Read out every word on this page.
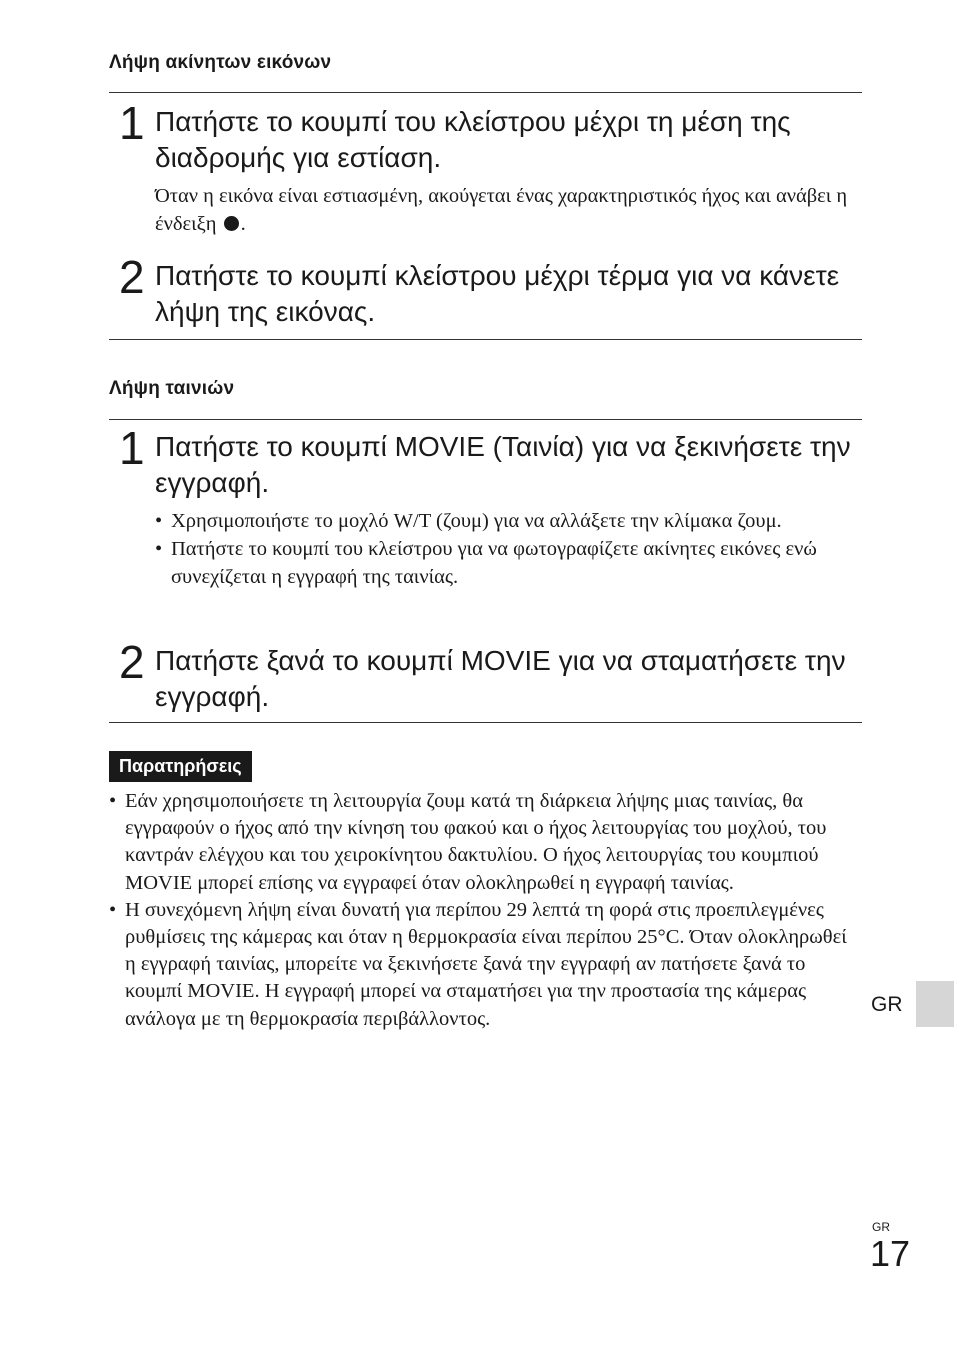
Λήψη ακίνητων εικόνων
1 Πατήστε το κουμπί του κλείστρου μέχρι τη μέση της διαδρομής για εστίαση.
Όταν η εικόνα είναι εστιασμένη, ακούγεται ένας χαρακτηριστικός ήχος και ανάβει η ένδειξη .
2 Πατήστε το κουμπί κλείστρου μέχρι τέρμα για να κάνετε λήψη της εικόνας.
Λήψη ταινιών
1 Πατήστε το κουμπί MOVIE (Ταινία) για να ξεκινήσετε την εγγραφή.
• Χρησιμοποιήστε το μοχλό W/T (ζουμ) για να αλλάξετε την κλίμακα ζουμ.
• Πατήστε το κουμπί του κλείστρου για να φωτογραφίζετε ακίνητες εικόνες ενώ συνεχίζεται η εγγραφή της ταινίας.
2 Πατήστε ξανά το κουμπί MOVIE για να σταματήσετε την εγγραφή.
Παρατηρήσεις
• Εάν χρησιμοποιήσετε τη λειτουργία ζουμ κατά τη διάρκεια λήψης μιας ταινίας, θα εγγραφούν ο ήχος από την κίνηση του φακού και ο ήχος λειτουργίας του μοχλού, του καντράν ελέγχου και του χειροκίνητου δακτυλίου. Ο ήχος λειτουργίας του κουμπιού MOVIE μπορεί επίσης να εγγραφεί όταν ολοκληρωθεί η εγγραφή ταινίας.
• Η συνεχόμενη λήψη είναι δυνατή για περίπου 29 λεπτά τη φορά στις προεπιλεγμένες ρυθμίσεις της κάμερας και όταν η θερμοκρασία είναι περίπου 25°C. Όταν ολοκληρωθεί η εγγραφή ταινίας, μπορείτε να ξεκινήσετε ξανά την εγγραφή αν πατήσετε ξανά το κουμπί MOVIE. Η εγγραφή μπορεί να σταματήσει για την προστασία της κάμερας ανάλογα με τη θερμοκρασία περιβάλλοντος.
GR
GR
17
